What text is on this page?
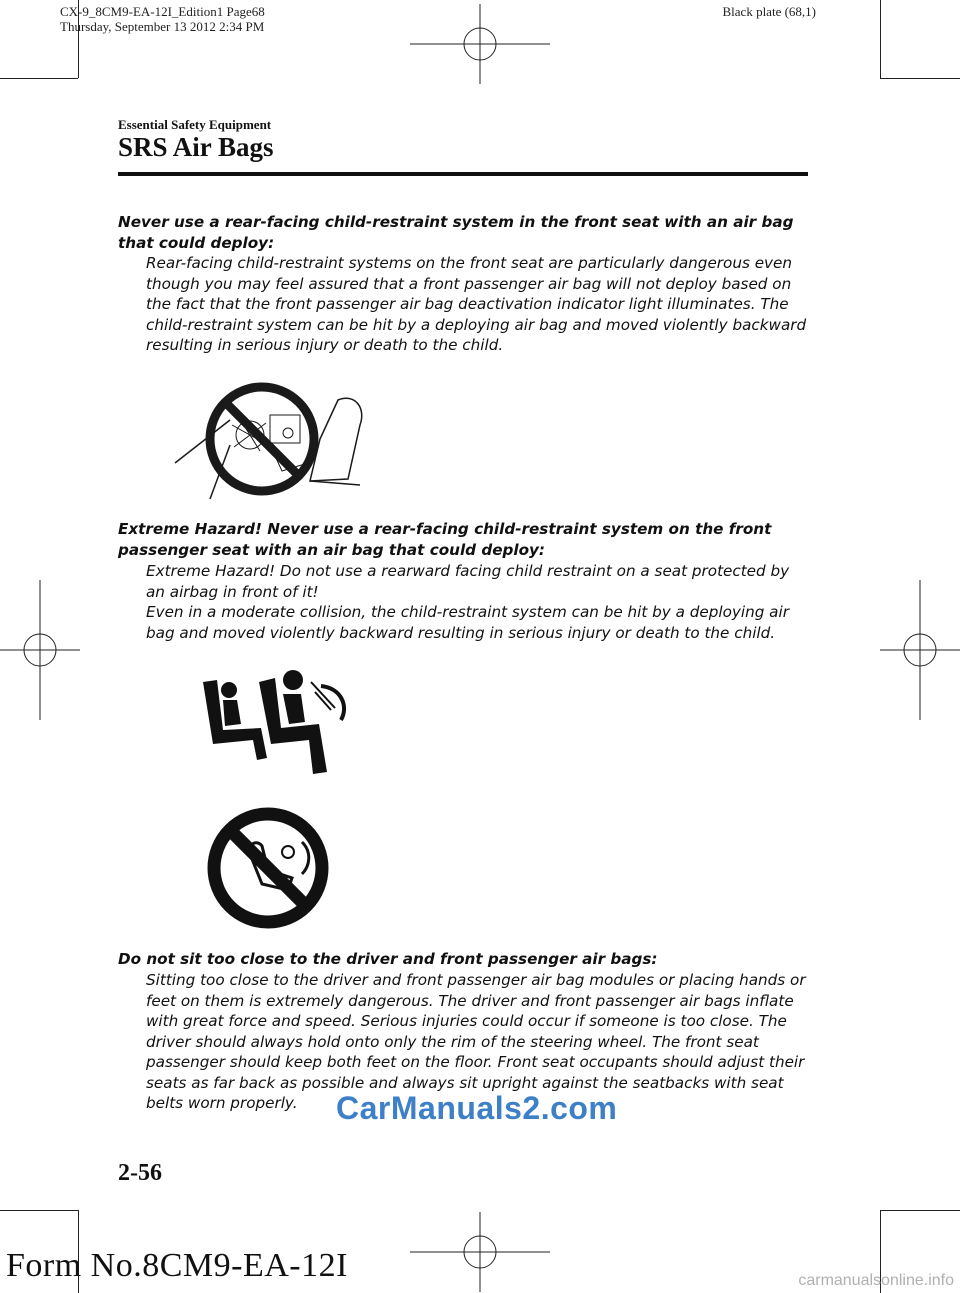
CX-9_8CM9-EA-12I_Edition1 Page68
Thursday, September 13 2012 2:34 PM
Black plate (68,1)
Essential Safety Equipment
SRS Air Bags
Never use a rear-facing child-restraint system in the front seat with an air bag that could deploy:
Rear-facing child-restraint systems on the front seat are particularly dangerous even though you may feel assured that a front passenger air bag will not deploy based on the fact that the front passenger air bag deactivation indicator light illuminates. The child-restraint system can be hit by a deploying air bag and moved violently backward resulting in serious injury or death to the child.
Extreme Hazard! Never use a rear-facing child-restraint system on the front passenger seat with an air bag that could deploy:
Extreme Hazard! Do not use a rearward facing child restraint on a seat protected by an airbag in front of it!
Even in a moderate collision, the child-restraint system can be hit by a deploying air bag and moved violently backward resulting in serious injury or death to the child.
Do not sit too close to the driver and front passenger air bags:
Sitting too close to the driver and front passenger air bag modules or placing hands or feet on them is extremely dangerous. The driver and front passenger air bags inflate with great force and speed. Serious injuries could occur if someone is too close. The driver should always hold onto only the rim of the steering wheel. The front seat passenger should keep both feet on the floor. Front seat occupants should adjust their seats as far back as possible and always sit upright against the seatbacks with seat belts worn properly.	CarManuals2.com
2-56
Form No.8CM9-EA-12I	carmanualsonline.info
